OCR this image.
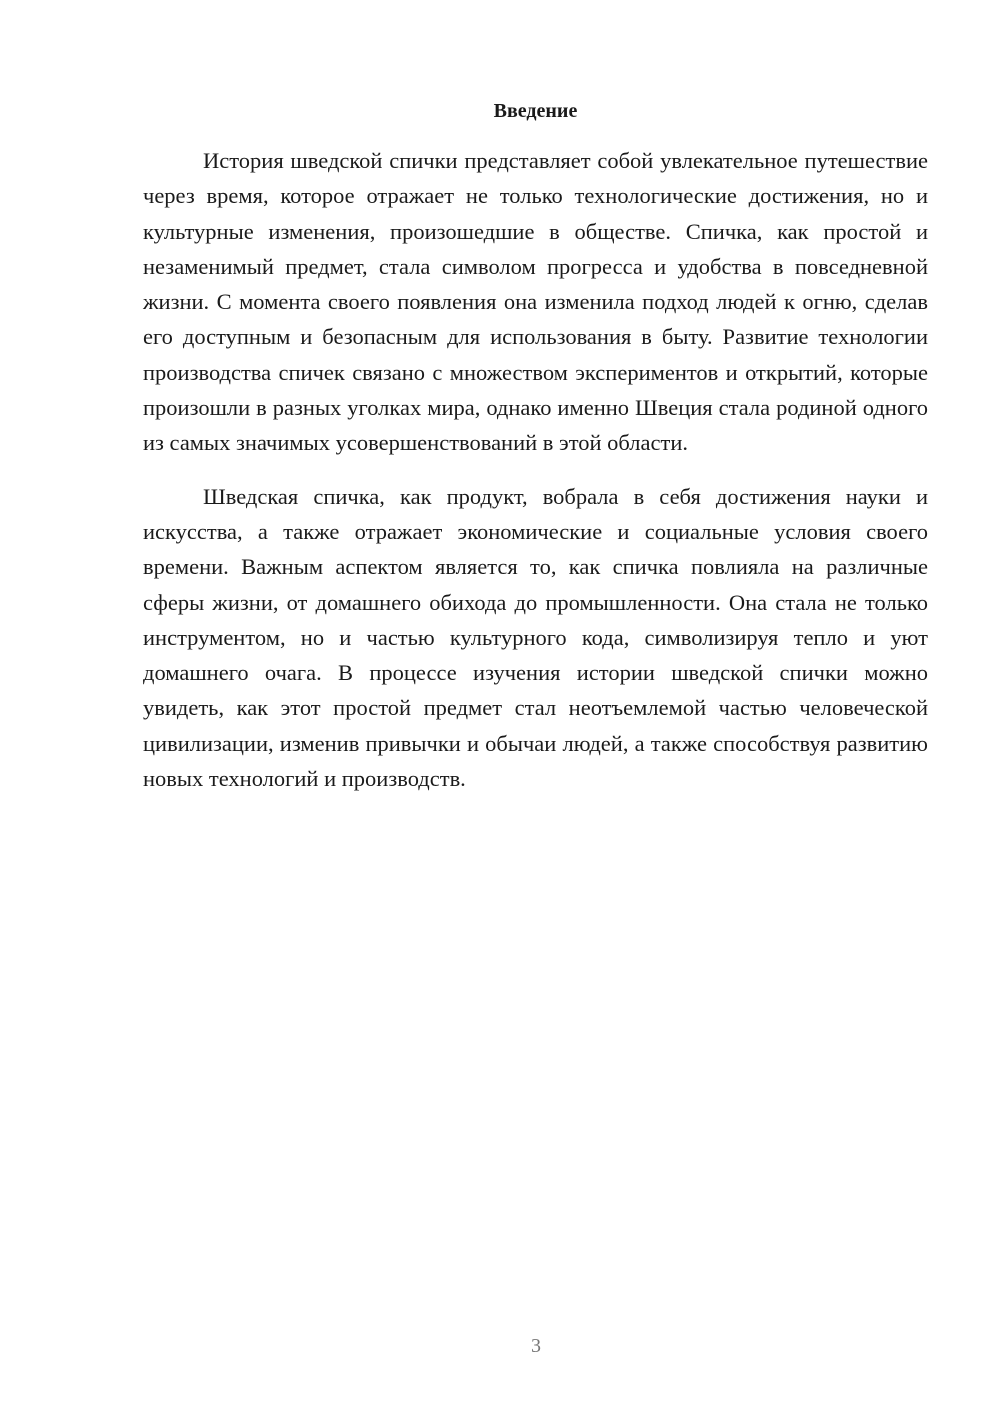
Введение

История шведской спички представляет собой увлекательное путешествие через время, которое отражает не только технологические достижения, но и культурные изменения, произошедшие в обществе. Спичка, как простой и незаменимый предмет, стала символом прогресса и удобства в повседневной жизни. С момента своего появления она изменила подход людей к огню, сделав его доступным и безопасным для использования в быту. Развитие технологии производства спичек связано с множеством экспериментов и открытий, которые произошли в разных уголках мира, однако именно Швеция стала родиной одного из самых значимых усовершенствований в этой области.

Шведская спичка, как продукт, вобрала в себя достижения науки и искусства, а также отражает экономические и социальные условия своего времени. Важным аспектом является то, как спичка повлияла на различные сферы жизни, от домашнего обихода до промышленности. Она стала не только инструментом, но и частью культурного кода, символизируя тепло и уют домашнего очага. В процессе изучения истории шведской спички можно увидеть, как этот простой предмет стал неотъемлемой частью человеческой цивилизации, изменив привычки и обычаи людей, а также способствуя развитию новых технологий и производств.

3
